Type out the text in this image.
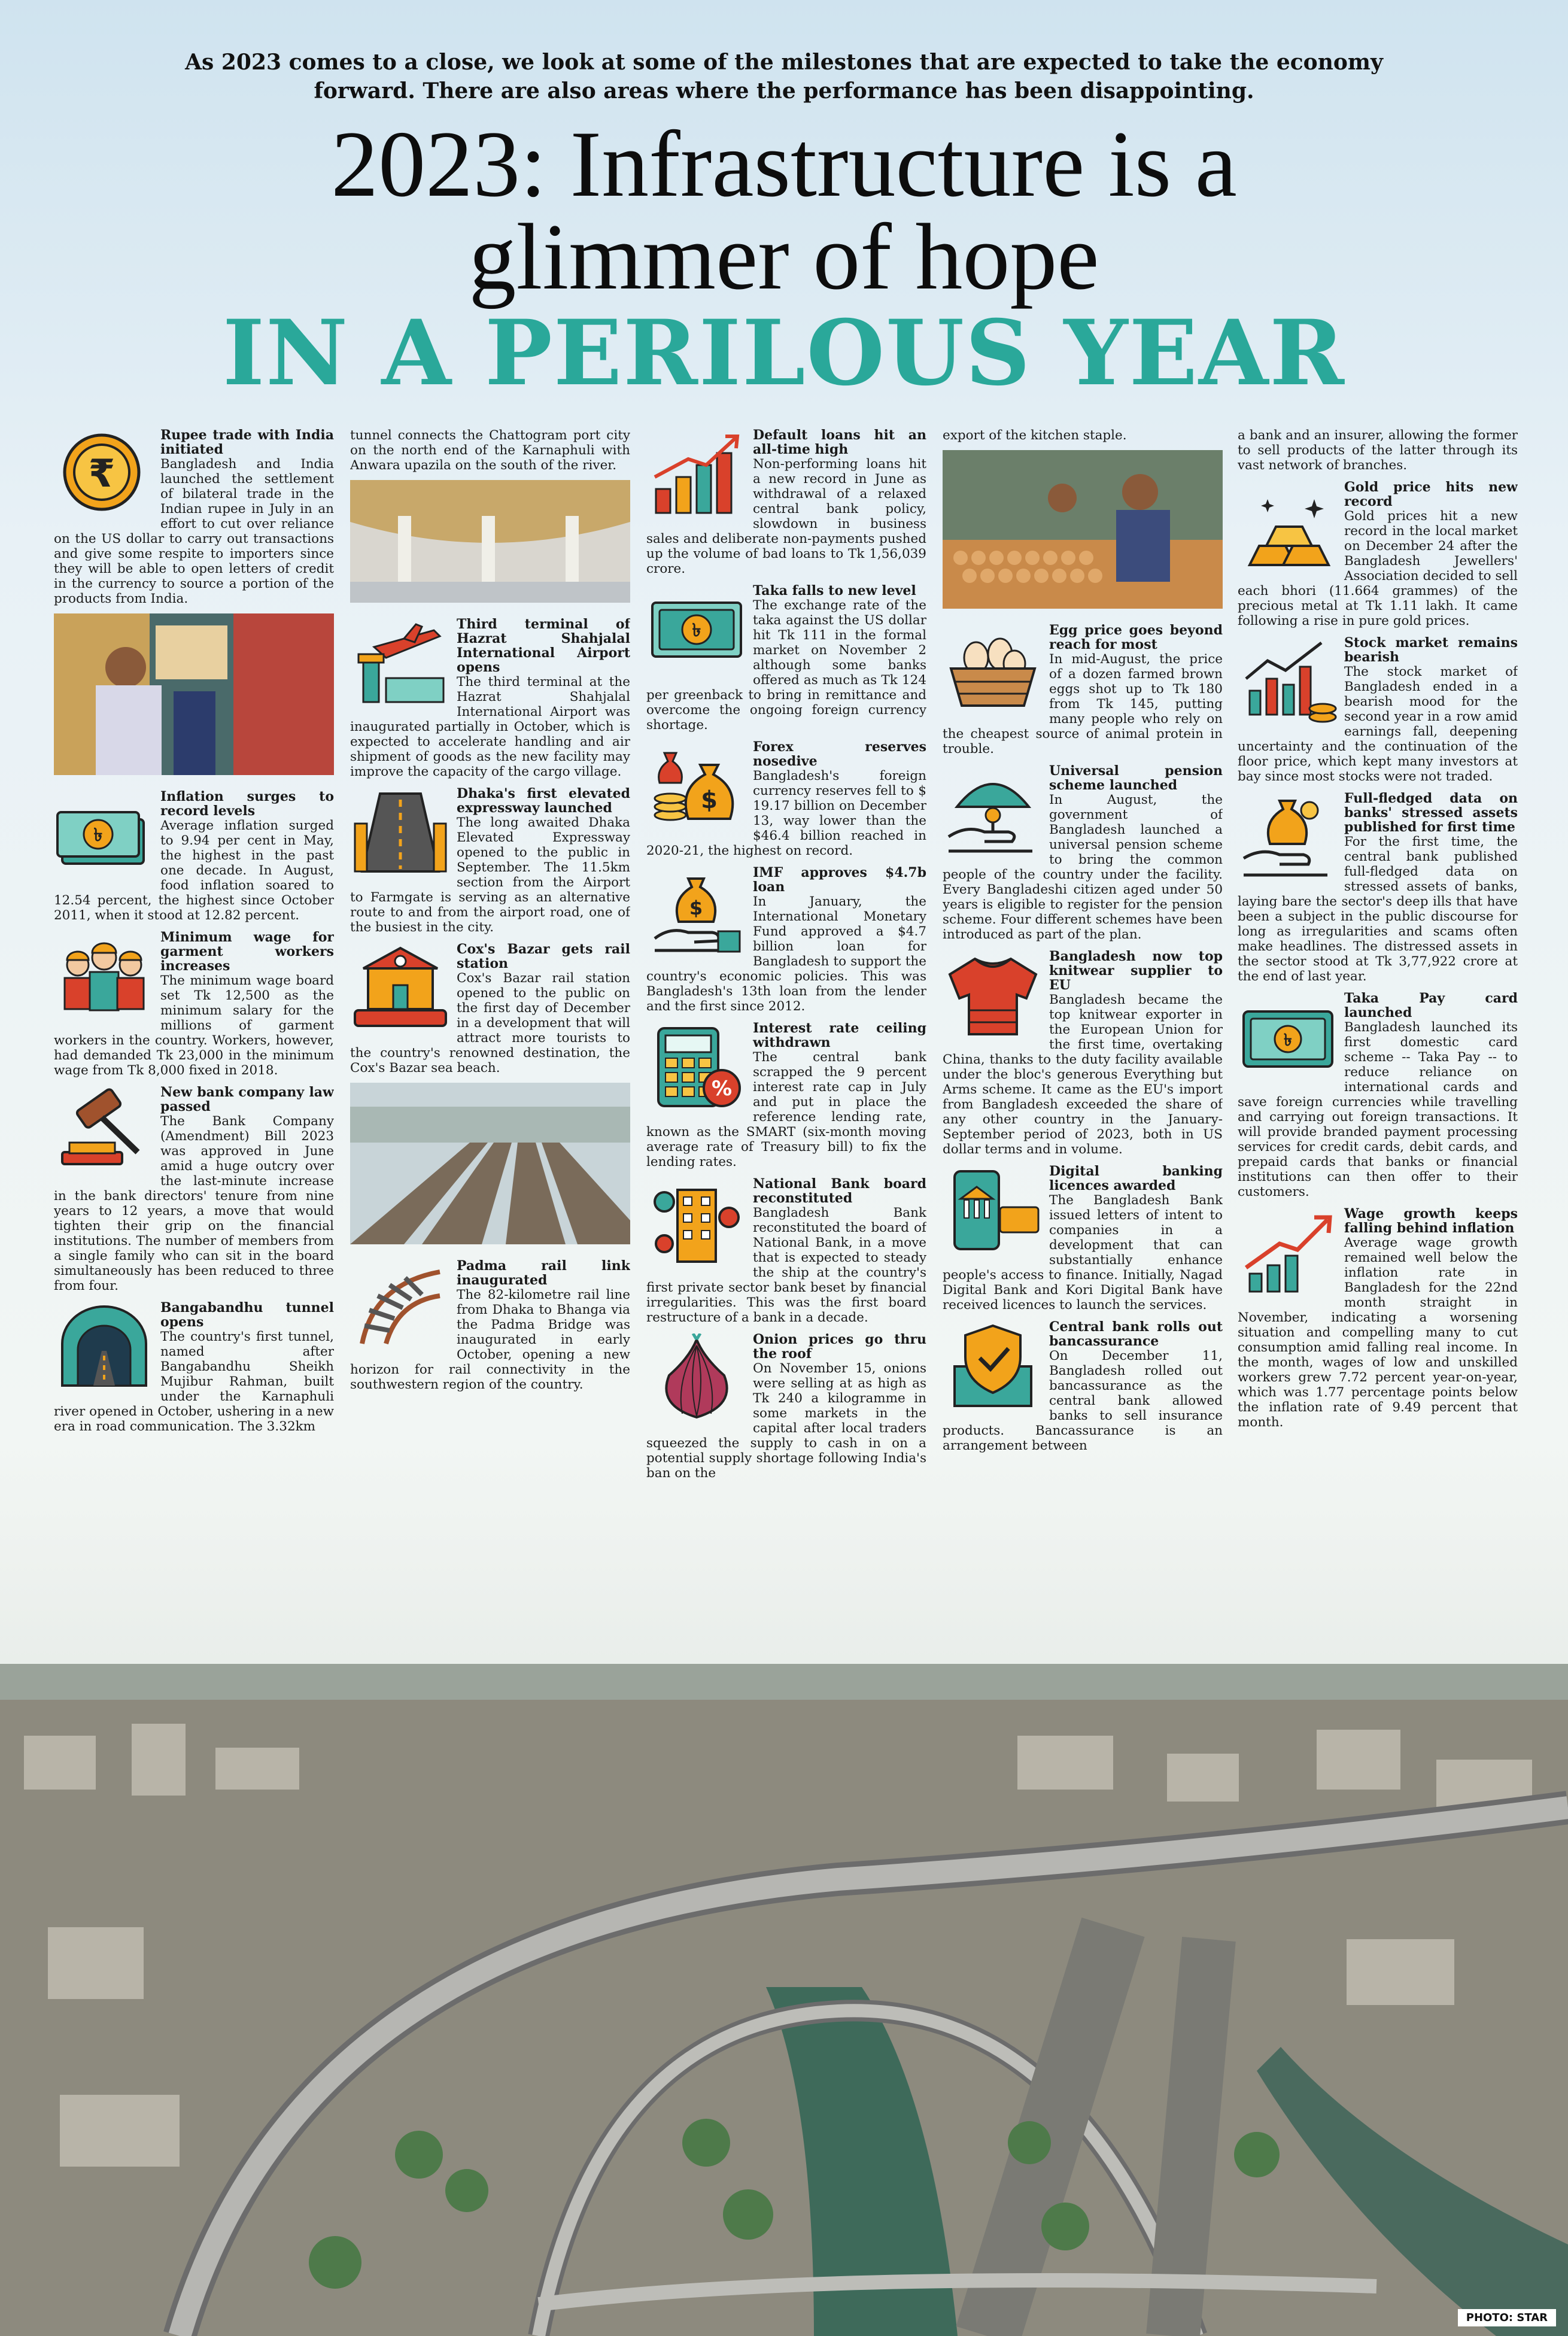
As 2023 comes to a close, we look at some of the milestones that are expected to take the economy forward. There are also areas where the performance has been disappointing.
2023: Infrastructure is a
glimmer of hope
IN A PERILOUS YEAR
₹
Rupee trade with India initiated

Bangladesh and India launched the settlement of bilateral trade in the Indian rupee in July in an effort to cut over reliance on the US dollar to carry out transactions and give some respite to importers since they will be able to open letters of credit in the currency to source a portion of the products from India.

৳
Inflation surges to record levels

Average inflation surged to 9.94 per cent in May, the highest in the past one decade. In August, food inflation soared to 12.54 percent, the highest since October 2011, when it stood at 12.82 percent.

Minimum wage for garment workers increases

The minimum wage board set Tk 12,500 as the minimum salary for the millions of garment workers in the country. Workers, however, had demanded Tk 23,000 in the minimum wage from Tk 8,000 fixed in 2018.

New bank company law passed

The Bank Company (Amendment) Bill 2023 was approved in June amid a huge outcry over the last-minute increase in the bank directors' tenure from nine years to 12 years, a move that would tighten their grip on the financial institutions. The number of members from a single family who can sit in the board simultaneously has been reduced to three from four.

Bangabandhu tunnel opens

The country's first tunnel, named after Bangabandhu Sheikh Mujibur Rahman, built under the Karnaphuli river opened in October, ushering in a new era in road communication. The 3.32km

tunnel connects the Chattogram port city on the north end of the Karnaphuli with Anwara upazila on the south of the river.

Third terminal of Hazrat Shahjalal International Airport opens

The third terminal at the Hazrat Shahjalal International Airport was inaugurated partially in October, which is expected to accelerate handling and air shipment of goods as the new facility may improve the capacity of the cargo village.

Dhaka's first elevated expressway launched

The long awaited Dhaka Elevated Expressway opened to the public in September. The 11.5km section from the Airport to Farmgate is serving as an alternative route to and from the airport road, one of the busiest in the city.

Cox's Bazar gets rail station

Cox's Bazar rail station opened to the public on the first day of December in a development that will attract more tourists to the country's renowned destination, the Cox's Bazar sea beach.

Padma rail link inaugurated

The 82-kilometre rail line from Dhaka to Bhanga via the Padma Bridge was inaugurated in early October, opening a new horizon for rail connectivity in the southwestern region of the country.

Default loans hit an all-time high

Non-performing loans hit a new record in June as withdrawal of a relaxed central bank policy, slowdown in business sales and deliberate non-payments pushed up the volume of bad loans to Tk 1,56,039 crore.

৳
Taka falls to new level

The exchange rate of the taka against the US dollar hit Tk 111 in the formal market on November 2 although some banks offered as much as Tk 124 per greenback to bring in remittance and overcome the ongoing foreign currency shortage.

$
Forex reserves nosedive

Bangladesh's foreign currency reserves fell to $ 19.17 billion on December 13, way lower than the $46.4 billion reached in 2020-21, the highest on record.

$
IMF approves $4.7b loan

In January, the International Monetary Fund approved a $4.7 billion loan for Bangladesh to support the country's economic policies. This was Bangladesh's 13th loan from the lender and the first since 2012.

%
Interest rate ceiling withdrawn

The central bank scrapped the 9 percent interest rate cap in July and put in place the reference lending rate, known as the SMART (six-month moving average rate of Treasury bill) to fix the lending rates.

National Bank board reconstituted

Bangladesh Bank reconstituted the board of National Bank, in a move that is expected to steady the ship at the country's first private sector bank beset by financial irregularities. This was the first board restructure of a bank in a decade.

Onion prices go thru the roof

On November 15, onions were selling at as high as Tk 240 a kilogramme in some markets in the capital after local traders squeezed the supply to cash in on a potential supply shortage following India's ban on the

export of the kitchen staple.

Egg price goes beyond reach for most

In mid-August, the price of a dozen farmed brown eggs shot up to Tk 180 from Tk 145, putting many people who rely on the cheapest source of animal protein in trouble.

Universal pension scheme launched

In August, the government of Bangladesh launched a universal pension scheme to bring the common people of the country under the facility. Every Bangladeshi citizen aged under 50 years is eligible to register for the pension scheme. Four different schemes have been introduced as part of the plan.

Bangladesh now top knitwear supplier to EU

Bangladesh became the top knitwear exporter in the European Union for the first time, overtaking China, thanks to the duty facility available under the bloc's generous Everything but Arms scheme. It came as the EU's import from Bangladesh exceeded the share of any other country in the January-September period of 2023, both in US dollar terms and in volume.

Digital banking licences awarded

The Bangladesh Bank issued letters of intent to companies in a development that can substantially enhance people's access to finance. Initially, Nagad Digital Bank and Kori Digital Bank have received licences to launch the services.

Central bank rolls out bancassurance

On December 11, Bangladesh rolled out bancassurance as the central bank allowed banks to sell insurance products. Bancassurance is an arrangement between

a bank and an insurer, allowing the former to sell products of the latter through its vast network of branches.

Gold price hits new record

Gold prices hit a new record in the local market on December 24 after the Bangladesh Jewellers' Association decided to sell each bhori (11.664 grammes) of the precious metal at Tk 1.11 lakh. It came following a rise in pure gold prices.

Stock market remains bearish

The stock market of Bangladesh ended in a bearish mood for the second year in a row amid earnings fall, deepening uncertainty and the continuation of the floor price, which kept many investors at bay since most stocks were not traded.

Full-fledged data on banks' stressed assets published for first time

For the first time, the central bank published full-fledged data on stressed assets of banks, laying bare the sector's deep ills that have been a subject in the public discourse for long as irregularities and scams often make headlines. The distressed assets in the sector stood at Tk 3,77,922 crore at the end of last year.

৳
Taka Pay card launched

Bangladesh launched its first domestic card scheme -- Taka Pay -- to reduce reliance on international cards and save foreign currencies while travelling and carrying out foreign transactions. It will provide branded payment processing services for credit cards, debit cards, and prepaid cards that banks or financial institutions can then offer to their customers.

Wage growth keeps falling behind inflation

Average wage growth remained well below the inflation rate in Bangladesh for the 22nd month straight in November, indicating a worsening situation and compelling many to cut consumption amid falling real income. In the month, wages of low and unskilled workers grew 7.72 percent year-on-year, which was 1.77 percentage points below the inflation rate of 9.49 percent that month.

PHOTO: STAR
